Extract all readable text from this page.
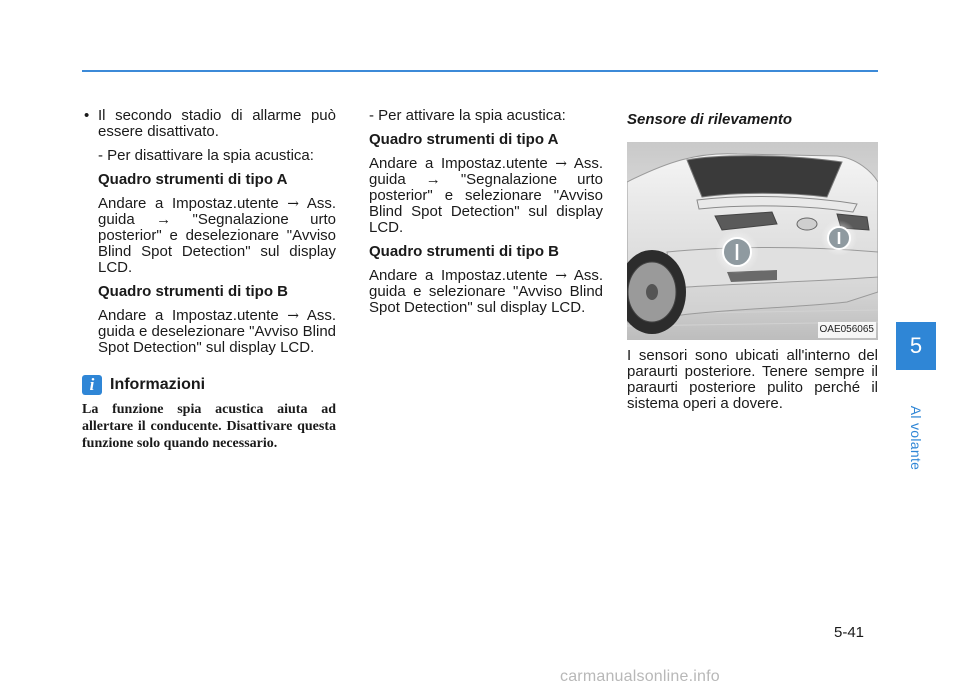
• Il secondo stadio di allarme può essere disattivato.

- Per disattivare la spia acustica:

Quadro strumenti di tipo A

Andare a Impostaz.utente → Ass. guida → "Segnalazione urto posterior" e deselezionare "Avviso Blind Spot Detection" sul display LCD.

Quadro strumenti di tipo B

Andare a Impostaz.utente → Ass. guida e deselezionare "Avviso Blind Spot Detection" sul display LCD.

i Informazioni

La funzione spia acustica aiuta ad allertare il conducente. Disattivare questa funzione solo quando necessario.

- Per attivare la spia acustica:

Quadro strumenti di tipo A

Andare a Impostaz.utente → Ass. guida → "Segnalazione urto posterior" e selezionare "Avviso Blind Spot Detection" sul display LCD.

Quadro strumenti di tipo B

Andare a Impostaz.utente → Ass. guida e selezionare "Avviso Blind Spot Detection" sul display LCD.

Sensore di rilevamento

OAE056065

I sensori sono ubicati all'interno del paraurti posteriore. Tenere sempre il paraurti posteriore pulito perché il sistema operi a dovere.

5
Al volante
5-41
carmanualsonline.info
